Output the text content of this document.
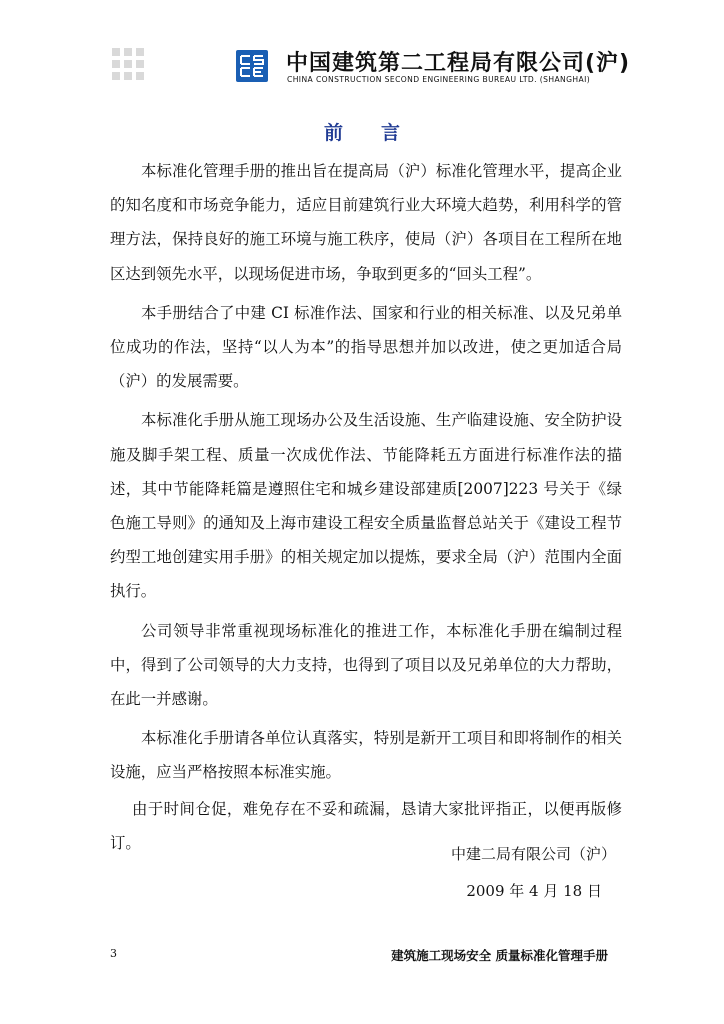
中国建筑第二工程局有限公司(沪)
CHINA CONSTRUCTION SECOND ENGINEERING BUREAU LTD. (SHANGHAI)
前 言

本标准化管理手册的推出旨在提高局（沪）标准化管理水平，提高企业的知名度和市场竞争能力，适应目前建筑行业大环境大趋势，利用科学的管理方法，保持良好的施工环境与施工秩序，使局（沪）各项目在工程所在地区达到领先水平，以现场促进市场，争取到更多的“回头工程”。

本手册结合了中建 CI 标准作法、国家和行业的相关标准、以及兄弟单位成功的作法，坚持“以人为本”的指导思想并加以改进，使之更加适合局（沪）的发展需要。

本标准化手册从施工现场办公及生活设施、生产临建设施、安全防护设施及脚手架工程、质量一次成优作法、节能降耗五方面进行标准作法的描述，其中节能降耗篇是遵照住宅和城乡建设部建质[2007]223 号关于《绿色施工导则》的通知及上海市建设工程安全质量监督总站关于《建设工程节约型工地创建实用手册》的相关规定加以提炼，要求全局（沪）范围内全面执行。

公司领导非常重视现场标准化的推进工作，本标准化手册在编制过程中，得到了公司领导的大力支持，也得到了项目以及兄弟单位的大力帮助，在此一并感谢。

本标准化手册请各单位认真落实，特别是新开工项目和即将制作的相关设施，应当严格按照本标准实施。

由于时间仓促，难免存在不妥和疏漏，恳请大家批评指正，以便再版修订。

中建二局有限公司（沪）
2009 年 4 月 18 日
3	建筑施工现场安全 质量标准化管理手册
